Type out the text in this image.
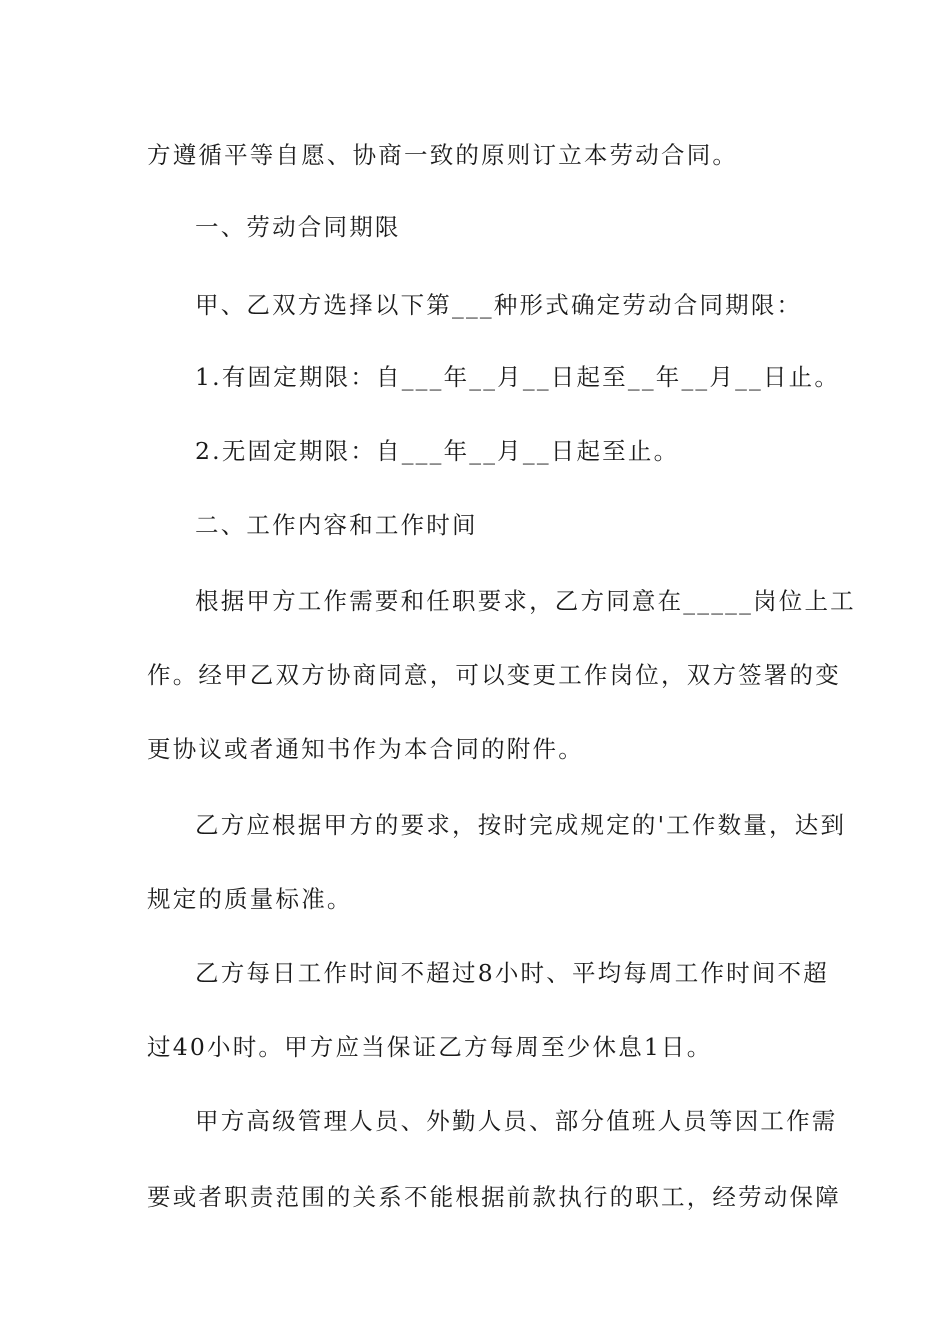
方遵循平等自愿、协商一致的原则订立本劳动合同。
一、劳动合同期限
甲、乙双方选择以下第___种形式确定劳动合同期限：
1.有固定期限：自___年__月__日起至__年__月__日止。
2.无固定期限：自___年__月__日起至止。
二、工作内容和工作时间
根据甲方工作需要和任职要求，乙方同意在_____岗位上工
作。经甲乙双方协商同意，可以变更工作岗位，双方签署的变
更协议或者通知书作为本合同的附件。
乙方应根据甲方的要求，按时完成规定的'工作数量，达到
规定的质量标准。
乙方每日工作时间不超过8小时、平均每周工作时间不超
过40小时。甲方应当保证乙方每周至少休息1日。
甲方高级管理人员、外勤人员、部分值班人员等因工作需
要或者职责范围的关系不能根据前款执行的职工，经劳动保障
